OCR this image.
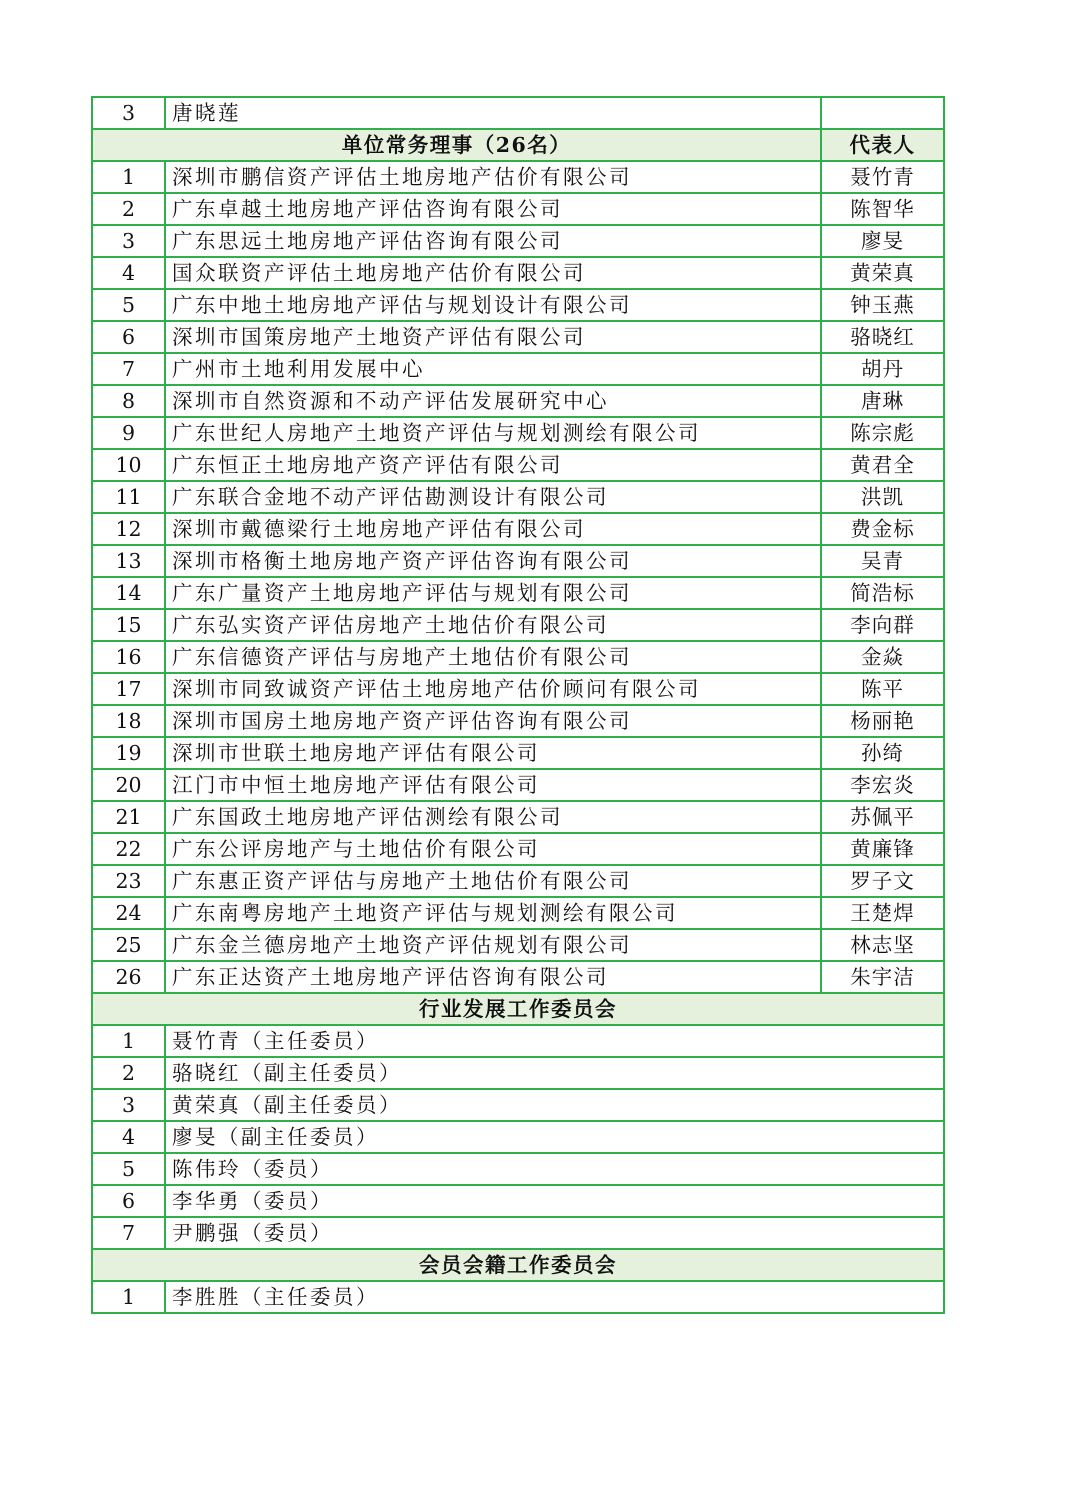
3	唐晓莲	
单位常务理事（26名）		代表人
1	深圳市鹏信资产评估土地房地产估价有限公司	聂竹青
2	广东卓越土地房地产评估咨询有限公司	陈智华
3	广东思远土地房地产评估咨询有限公司	廖旻
4	国众联资产评估土地房地产估价有限公司	黄荣真
5	广东中地土地房地产评估与规划设计有限公司	钟玉燕
6	深圳市国策房地产土地资产评估有限公司	骆晓红
7	广州市土地利用发展中心	胡丹
8	深圳市自然资源和不动产评估发展研究中心	唐琳
9	广东世纪人房地产土地资产评估与规划测绘有限公司	陈宗彪
10	广东恒正土地房地产资产评估有限公司	黄君全
11	广东联合金地不动产评估勘测设计有限公司	洪凯
12	深圳市戴德梁行土地房地产评估有限公司	费金标
13	深圳市格衡土地房地产资产评估咨询有限公司	吴青
14	广东广量资产土地房地产评估与规划有限公司	简浩标
15	广东弘实资产评估房地产土地估价有限公司	李向群
16	广东信德资产评估与房地产土地估价有限公司	金焱
17	深圳市同致诚资产评估土地房地产估价顾问有限公司	陈平
18	深圳市国房土地房地产资产评估咨询有限公司	杨丽艳
19	深圳市世联土地房地产评估有限公司	孙绮
20	江门市中恒土地房地产评估有限公司	李宏炎
21	广东国政土地房地产评估测绘有限公司	苏佩平
22	广东公评房地产与土地估价有限公司	黄廉锋
23	广东惠正资产评估与房地产土地估价有限公司	罗子文
24	广东南粤房地产土地资产评估与规划测绘有限公司	王楚焊
25	广东金兰德房地产土地资产评估规划有限公司	林志坚
26	广东正达资产土地房地产评估咨询有限公司	朱宇洁
行业发展工作委员会		
1	聂竹青（主任委员）	
2	骆晓红（副主任委员）	
3	黄荣真（副主任委员）	
4	廖旻（副主任委员）	
5	陈伟玲（委员）	
6	李华勇（委员）	
7	尹鹏强（委员）	
会员会籍工作委员会		
1	李胜胜（主任委员）	
